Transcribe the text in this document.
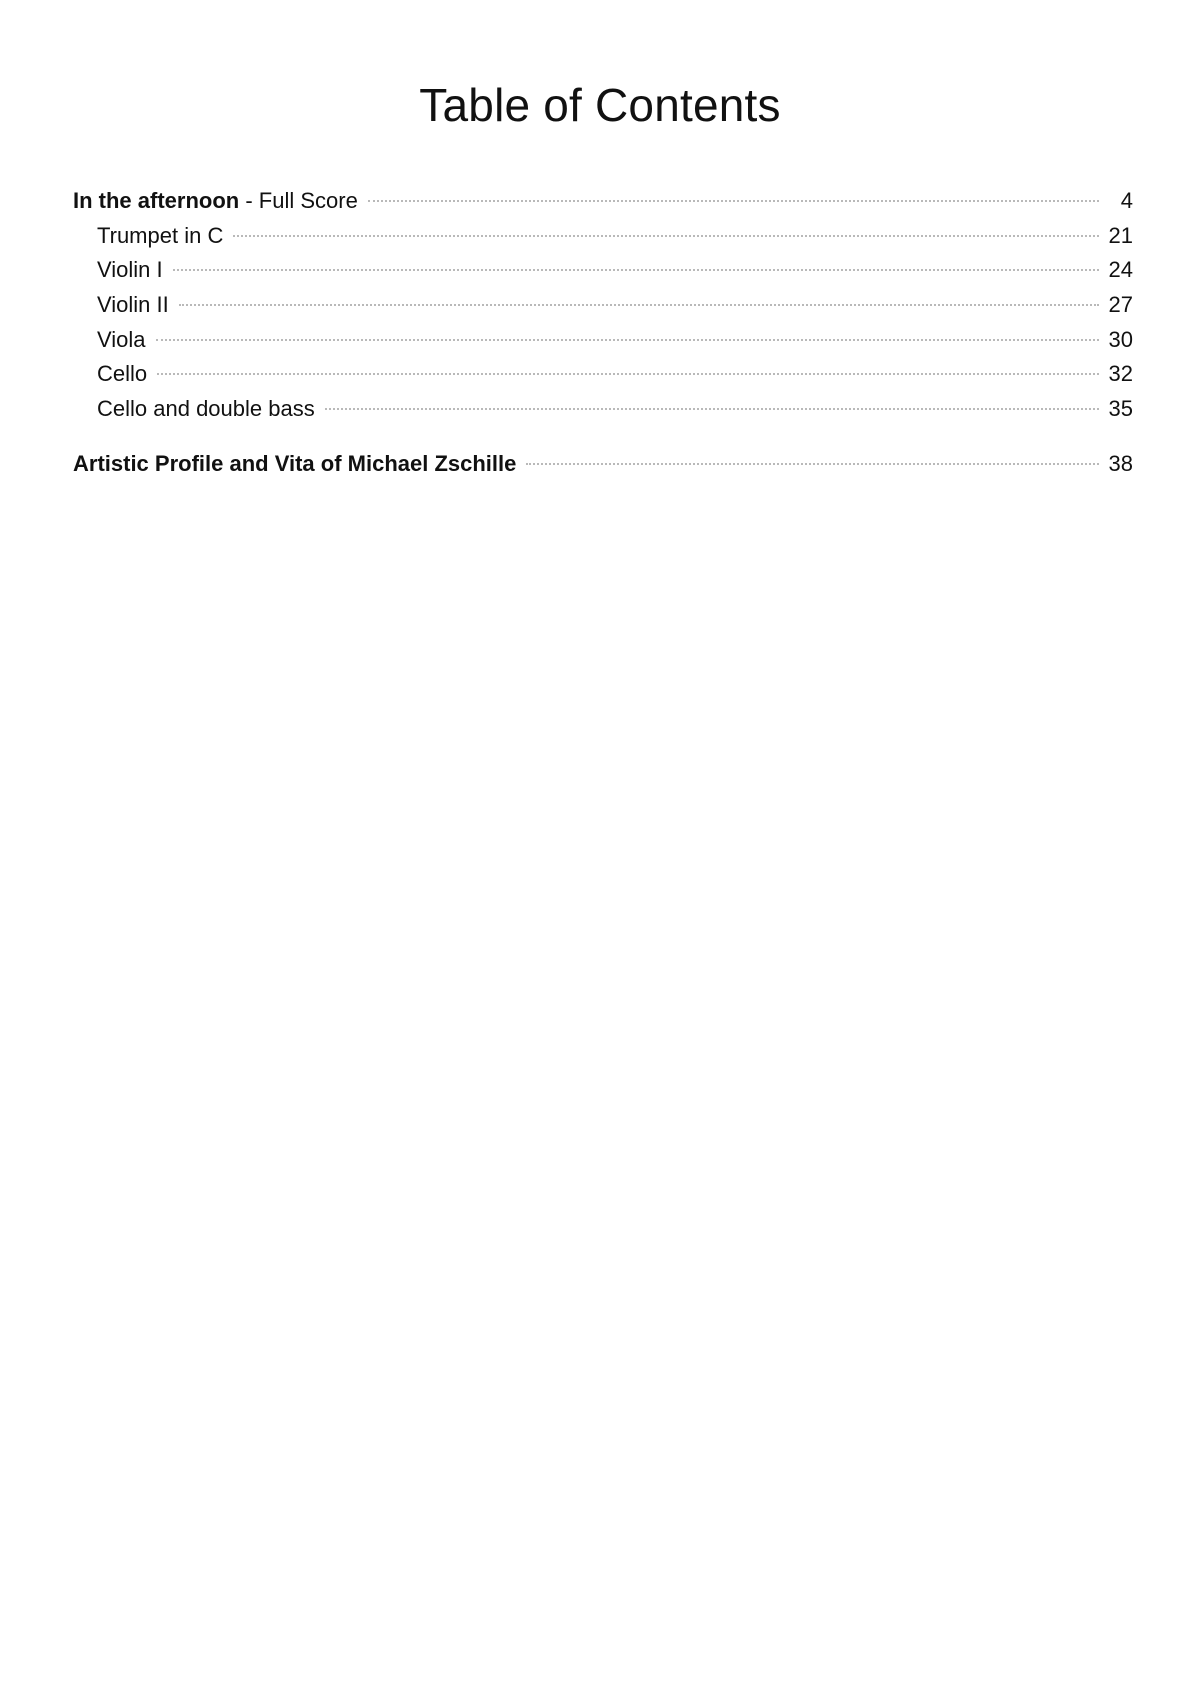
Table of Contents
In the afternoon - Full Score	4
Trumpet in C	21
Violin I	24
Violin II	27
Viola	30
Cello	32
Cello and double bass	35
Artistic Profile and Vita of Michael Zschille	38
